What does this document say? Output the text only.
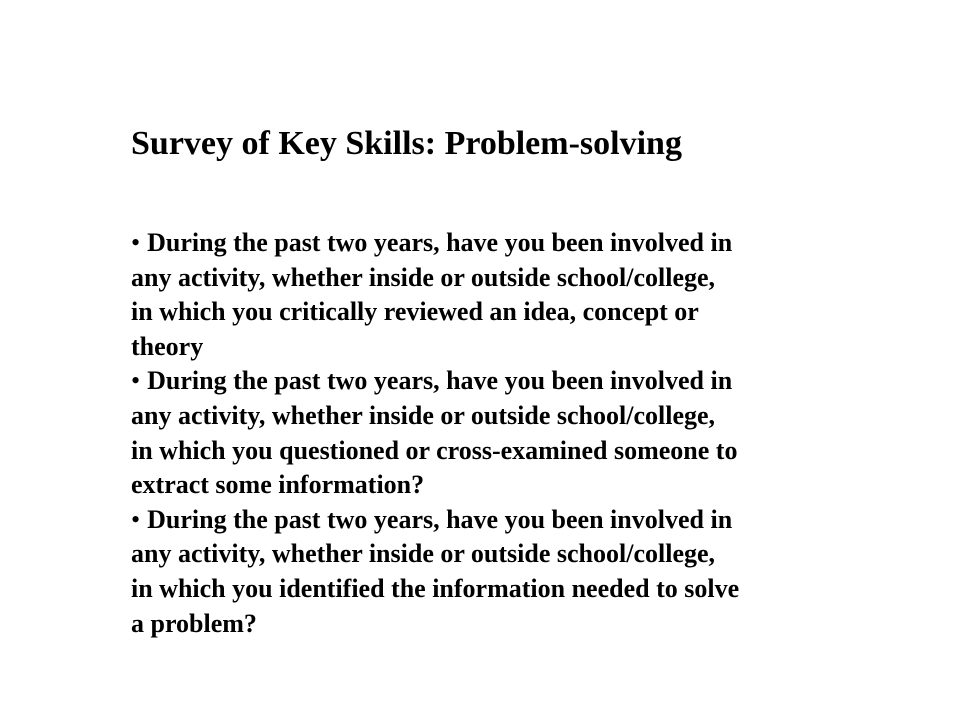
Survey of Key Skills: Problem-solving
• During the past two years, have you been involved in
any activity, whether inside or outside school/college,
in which you critically reviewed an idea, concept or
theory
• During the past two years, have you been involved in
any activity, whether inside or outside school/college,
in which you questioned or cross-examined someone to
extract some information?
• During the past two years, have you been involved in
any activity, whether inside or outside school/college,
in which you identified the information needed to solve
a problem?
